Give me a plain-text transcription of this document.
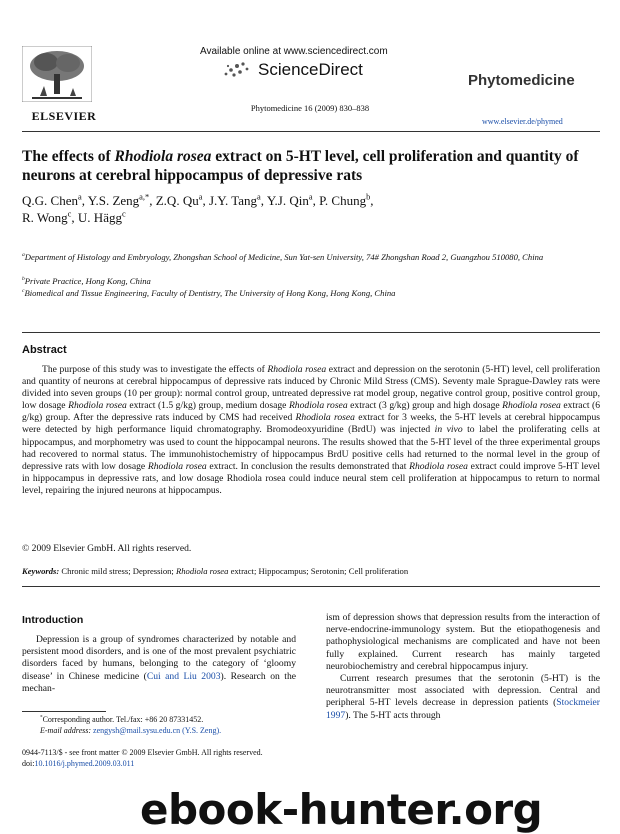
ELSEVIER
Available online at www.sciencedirect.com
ScienceDirect
Phytomedicine 16 (2009) 830–838
Phytomedicine
www.elsevier.de/phymed
The effects of Rhodiola rosea extract on 5-HT level, cell proliferation and quantity of neurons at cerebral hippocampus of depressive rats
Q.G. Chen$^a$, Y.S. Zeng$^{a,*}$, Z.Q. Qu$^a$, J.Y. Tang$^a$, Y.J. Qin$^a$, P. Chung$^b$,
R. Wong$^c$, U. Hägg$^c$
$^a$Department of Histology and Embryology, Zhongshan School of Medicine, Sun Yat-sen University, 74# Zhongshan Road 2, Guangzhou 510080, China
$^b$Private Practice, Hong Kong, China
$^c$Biomedical and Tissue Engineering, Faculty of Dentistry, The University of Hong Kong, Hong Kong, China
Abstract
The purpose of this study was to investigate the effects of Rhodiola rosea extract and depression on the serotonin (5-HT) level, cell proliferation and quantity of neurons at cerebral hippocampus of depressive rats induced by Chronic Mild Stress (CMS). Seventy male Sprague-Dawley rats were divided into seven groups (10 per group): normal control group, untreated depressive rat model group, negative control group, positive control group, low dosage Rhodiola rosea extract (1.5 g/kg) group, medium dosage Rhodiola rosea extract (3 g/kg) group and high dosage Rhodiola rosea extract (6 g/kg) group. After the depressive rats induced by CMS had received Rhodiola rosea extract for 3 weeks, the 5-HT levels at cerebral hippocampus were detected by high performance liquid chromatography. Bromodeoxyuridine (BrdU) was injected in vivo to label the proliferating cells at hippocampus, and morphometry was used to count the hippocampal neurons. The results showed that the 5-HT level of the three experimental groups had recovered to normal status. The immunohistochemistry of hippocampus BrdU positive cells had returned to the normal level in the group of depressive rats with low dosage Rhodiola rosea extract. In conclusion the results demonstrated that Rhodiola rosea extract could improve 5-HT level in hippocampus in depressive rats, and low dosage Rhodiola rosea could induce neural stem cell proliferation at hippocampus to return to normal level, repairing the injured neurons at hippocampus.
© 2009 Elsevier GmbH. All rights reserved.
Keywords: Chronic mild stress; Depression; Rhodiola rosea extract; Hippocampus; Serotonin; Cell proliferation
Introduction
Depression is a group of syndromes characterized by notable and persistent mood disorders, and is one of the most prevalent psychiatric disorders faced by humans, belonging to the category of ‘gloomy disease’ in Chinese medicine (Cui and Liu 2003). Research on the mechan-
ism of depression shows that depression results from the interaction of nerve-endocrine-immunology system. But the etiopathogenesis and pathophysiological mechanisms are complicated and have not been fully explained. Current research has mainly targeted neurobiochemistry and cerebral hippocampus injury.
Current research presumes that the serotonin (5-HT) is the neurotransmitter most associated with depression. Central and peripheral 5-HT levels decrease in depression patients (Stockmeier 1997). The 5-HT acts through
*Corresponding author. Tel./fax: +86 20 87331452.
E-mail address: zengysh@mail.sysu.edu.cn (Y.S. Zeng).
0944-7113/$ - see front matter © 2009 Elsevier GmbH. All rights reserved.
doi:10.1016/j.phymed.2009.03.011
ebook-hunter.org
